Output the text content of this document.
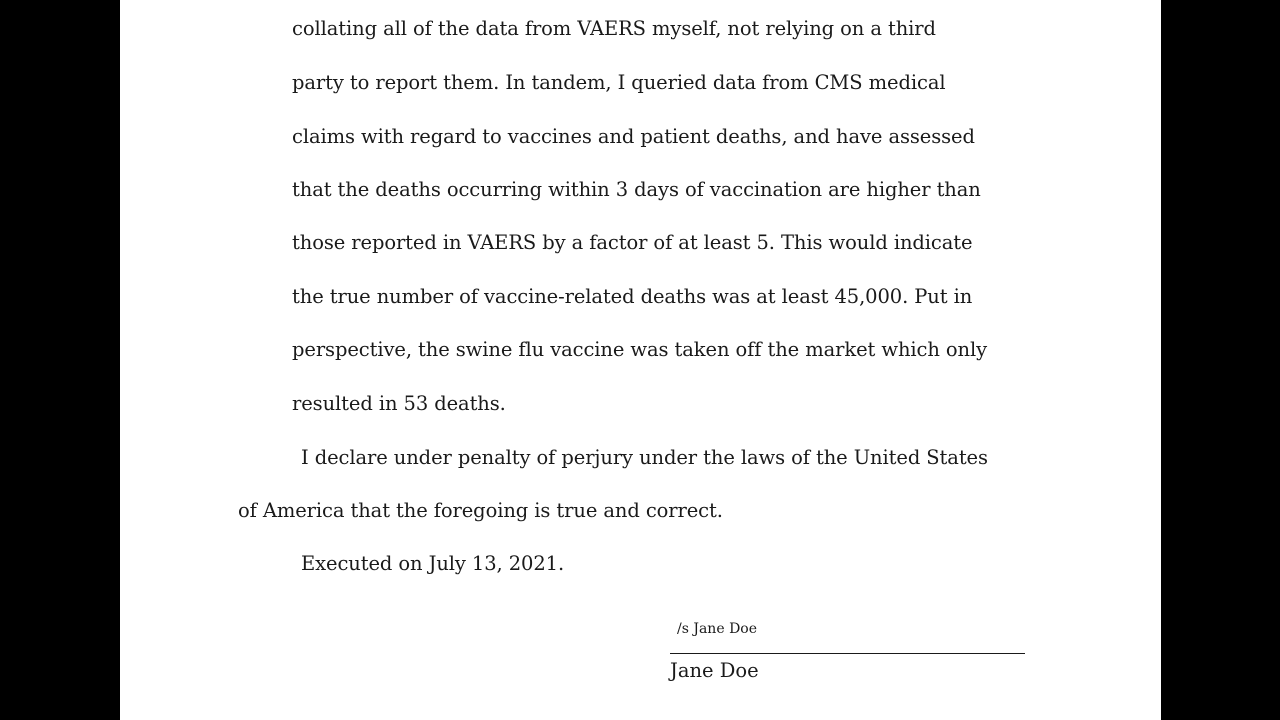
collating all of the data from VAERS myself, not relying on a third
party to report them. In tandem, I queried data from CMS medical
claims with regard to vaccines and patient deaths, and have assessed
that the deaths occurring within 3 days of vaccination are higher than
those reported in VAERS by a factor of at least 5. This would indicate
the true number of vaccine-related deaths was at least 45,000. Put in
perspective, the swine flu vaccine was taken off the market which only
resulted in 53 deaths.
I declare under penalty of perjury under the laws of the United States
of America that the foregoing is true and correct.
Executed on July 13, 2021.
/s Jane Doe
Jane Doe
